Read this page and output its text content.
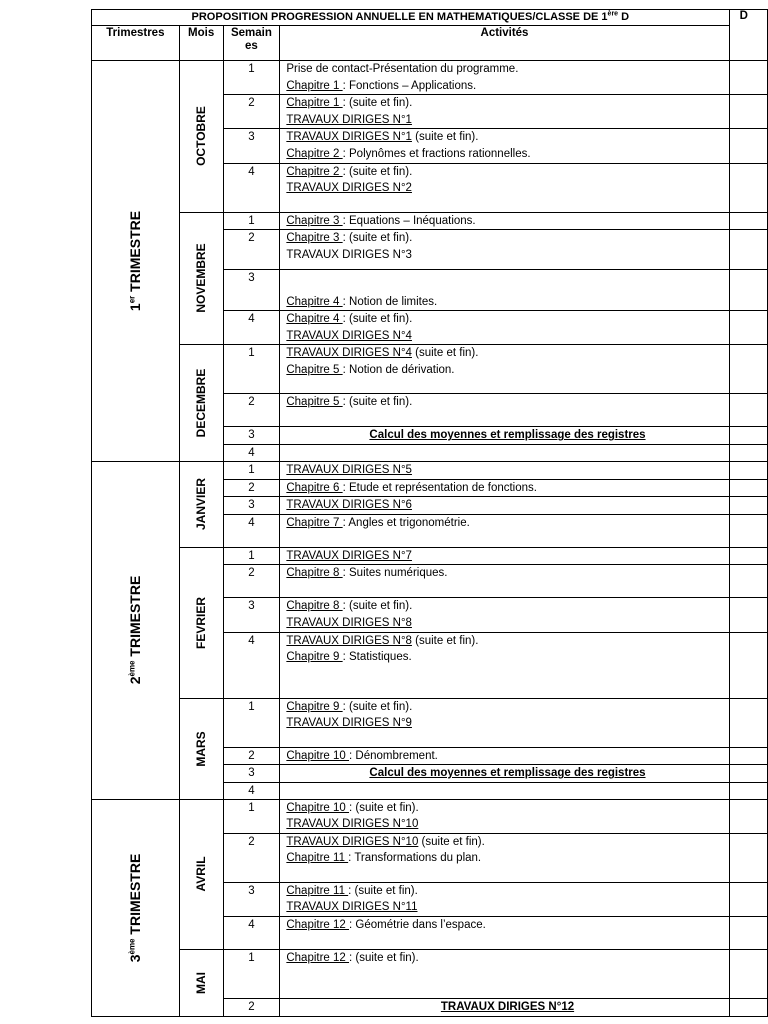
PROPOSITION PROGRESSION ANNUELLE EN MATHEMATIQUES/CLASSE DE 1ère D				D
Trimestres	Mois	Semain
es	Activités	

1er TRIMESTRE	OCTOBRE	1	Prise de contact-Présentation du programme.
Chapitre 1 : Fonctions – Applications.	

		2	Chapitre 1 : (suite et fin).
TRAVAUX DIRIGES N°1	

		3	TRAVAUX DIRIGES N°1 (suite et fin).
Chapitre 2 : Polynômes et fractions rationnelles.	

		4	Chapitre 2 : (suite et fin).
TRAVAUX DIRIGES N°2	

	NOVEMBRE	1	Chapitre 3 : Equations – Inéquations.	

		2	Chapitre 3 : (suite et fin).
TRAVAUX DIRIGES N°3	

		3	Chapitre 4 : Notion de limites.	

		4	Chapitre 4 : (suite et fin).
TRAVAUX DIRIGES N°4	

	DECEMBRE	1	TRAVAUX DIRIGES N°4 (suite et fin).
Chapitre 5 : Notion de dérivation.	

		2	Chapitre 5 : (suite et fin).	

		3	Calcul des moyennes et remplissage des registres	

		4		

2ème TRIMESTRE	JANVIER	1	TRAVAUX DIRIGES N°5	

		2	Chapitre 6 : Etude et représentation de fonctions.	

		3	TRAVAUX DIRIGES N°6	

		4	Chapitre 7 : Angles et trigonométrie.	

	FEVRIER	1	TRAVAUX DIRIGES N°7	

		2	Chapitre 8 : Suites numériques.	

		3	Chapitre 8 : (suite et fin).
TRAVAUX DIRIGES N°8	

		4	TRAVAUX DIRIGES N°8 (suite et fin).
Chapitre 9 : Statistiques.	

	MARS	1	Chapitre 9 : (suite et fin).
TRAVAUX DIRIGES N°9	

		2	Chapitre 10 : Dénombrement.	

		3	Calcul des moyennes et remplissage des registres	

		4		

3ème TRIMESTRE	AVRIL	1	Chapitre 10 : (suite et fin).
TRAVAUX DIRIGES N°10	

		2	TRAVAUX DIRIGES N°10 (suite et fin).
Chapitre 11 : Transformations du plan.	

		3	Chapitre 11 : (suite et fin).
TRAVAUX DIRIGES N°11	

		4	Chapitre 12 : Géométrie dans l’espace.	

	MAI	1	Chapitre 12 : (suite et fin).	

		2	TRAVAUX DIRIGES N°12	
